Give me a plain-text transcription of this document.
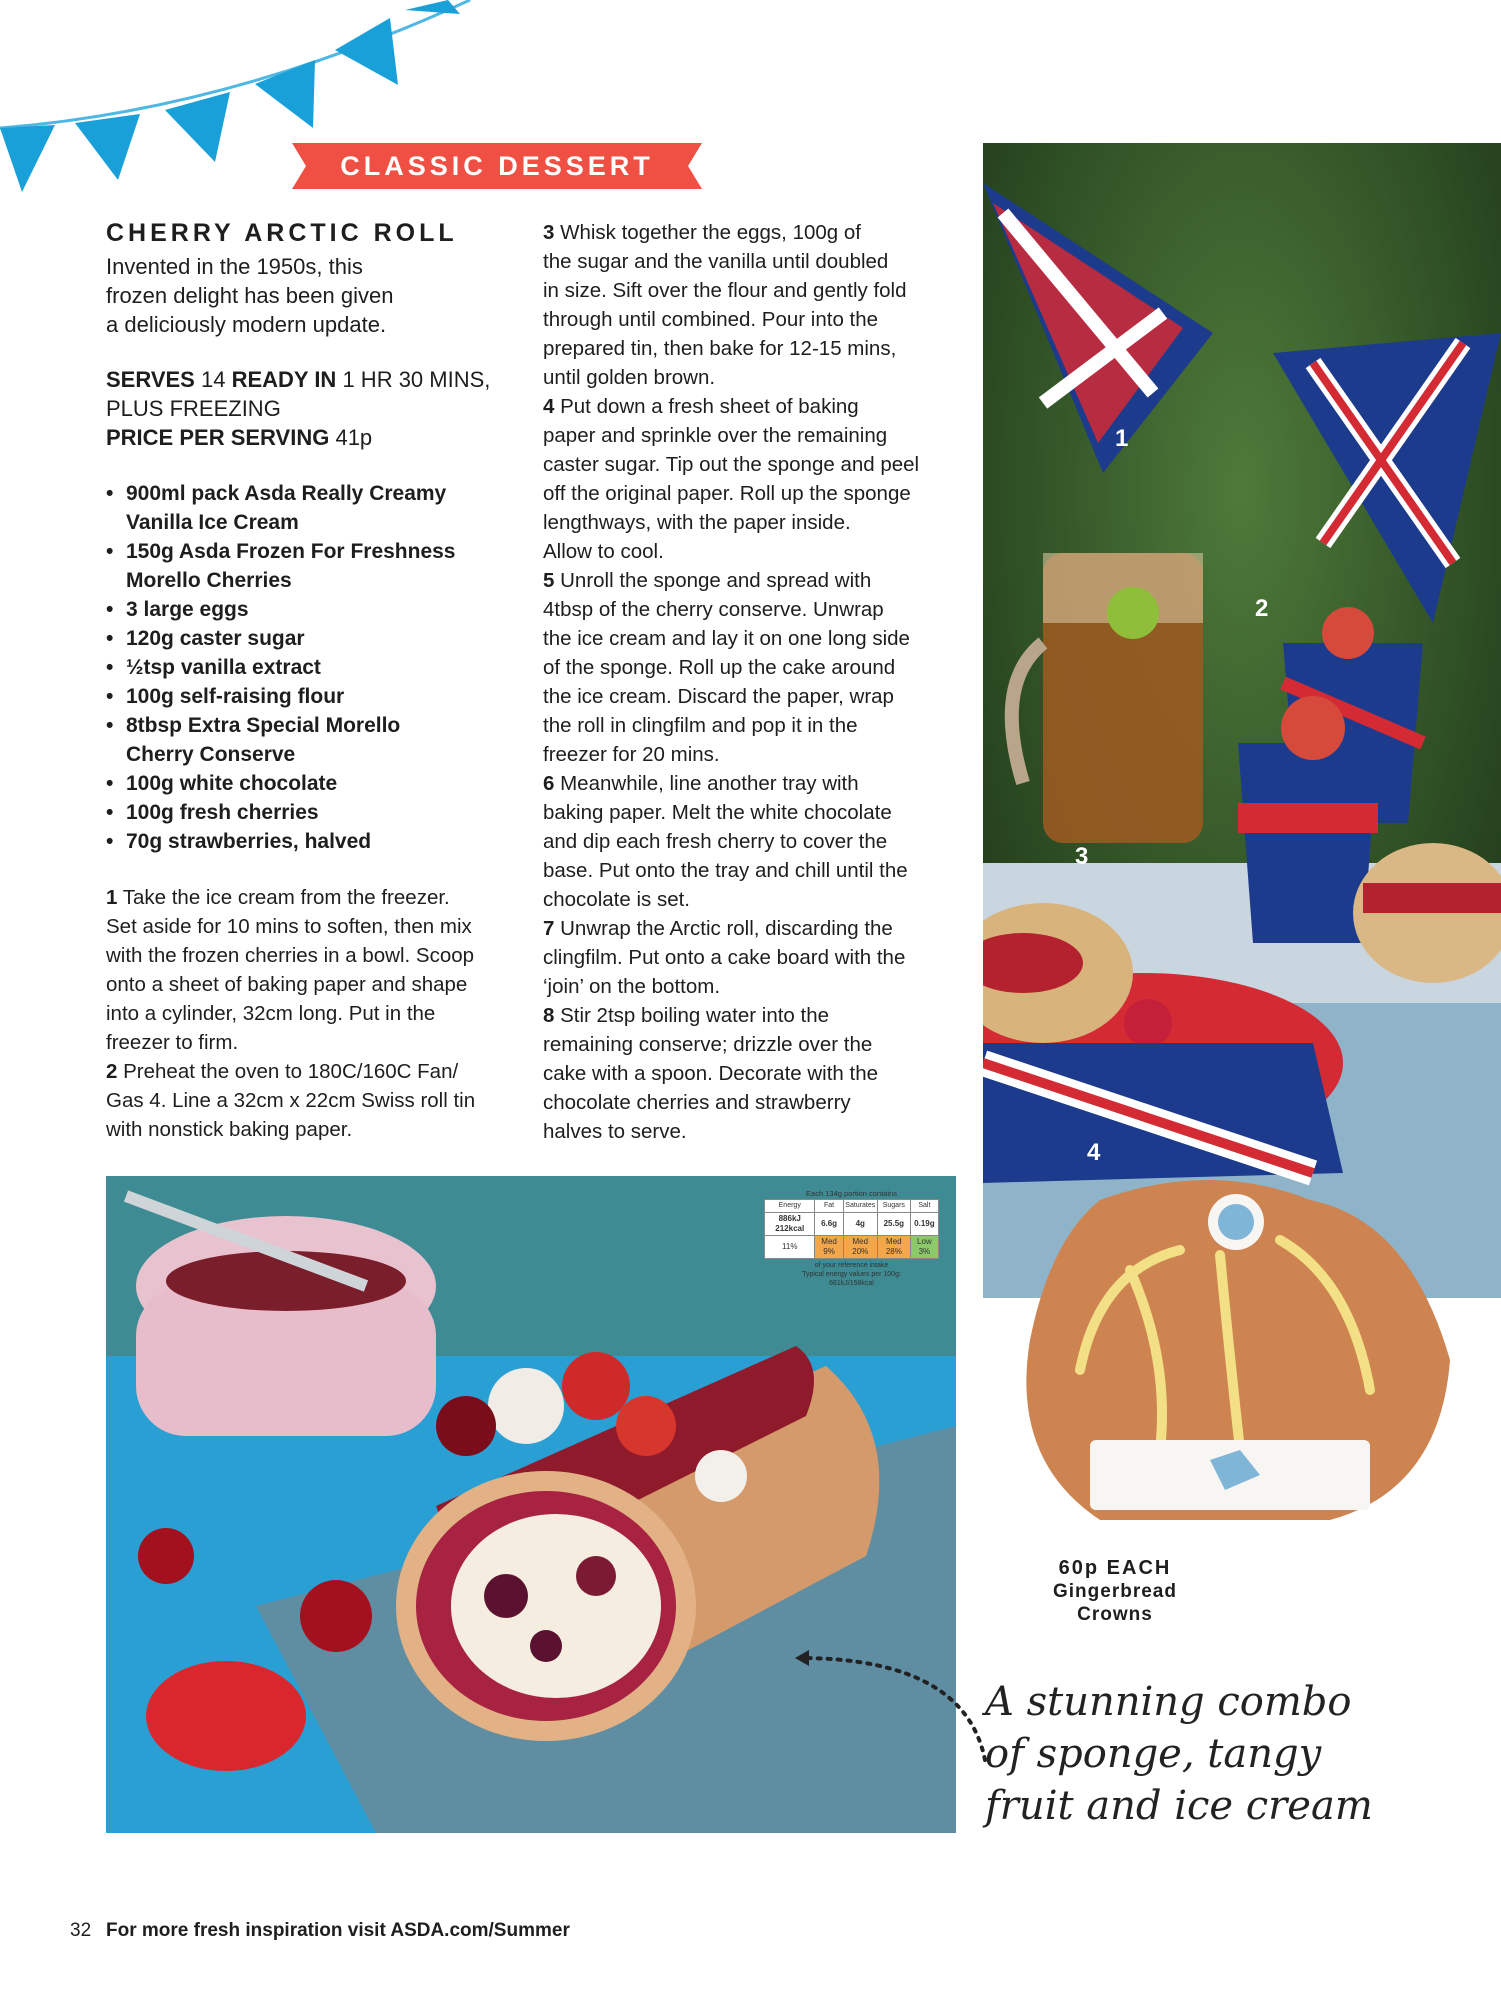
CLASSIC DESSERT
CHERRY ARCTIC ROLL

Invented in the 1950s, this
frozen delight has been given
a deliciously modern update.

SERVES 14 READY IN 1 HR 30 MINS,
PLUS FREEZING
PRICE PER SERVING 41p

• 900ml pack Asda Really Creamy
Vanilla Ice Cream
• 150g Asda Frozen For Freshness
Morello Cherries
• 3 large eggs
• 120g caster sugar
• ½tsp vanilla extract
• 100g self-raising flour
• 8tbsp Extra Special Morello
Cherry Conserve
• 100g white chocolate
• 100g fresh cherries
• 70g strawberries, halved

1 Take the ice cream from the freezer.
Set aside for 10 mins to soften, then mix
with the frozen cherries in a bowl. Scoop
onto a sheet of baking paper and shape
into a cylinder, 32cm long. Put in the
freezer to firm.

2 Preheat the oven to 180C/160C Fan/
Gas 4. Line a 32cm x 22cm Swiss roll tin
with nonstick baking paper.

3 Whisk together the eggs, 100g of
the sugar and the vanilla until doubled
in size. Sift over the flour and gently fold
through until combined. Pour into the
prepared tin, then bake for 12-15 mins,
until golden brown.

4 Put down a fresh sheet of baking
paper and sprinkle over the remaining
caster sugar. Tip out the sponge and peel
off the original paper. Roll up the sponge
lengthways, with the paper inside.
Allow to cool.

5 Unroll the sponge and spread with
4tbsp of the cherry conserve. Unwrap
the ice cream and lay it on one long side
of the sponge. Roll up the cake around
the ice cream. Discard the paper, wrap
the roll in clingfilm and pop it in the
freezer for 20 mins.

6 Meanwhile, line another tray with
baking paper. Melt the white chocolate
and dip each fresh cherry to cover the
base. Put onto the tray and chill until the
chocolate is set.

7 Unwrap the Arctic roll, discarding the
clingfilm. Put onto a cake board with the
‘join’ on the bottom.

8 Stir 2tsp boiling water into the
remaining conserve; drizzle over the
cake with a spoon. Decorate with the
chocolate cherries and strawberry
halves to serve.

1
2
3
4
Each 134g portion contains
Energy	Fat	Saturates	Sugars	Salt
886kJ 212kcal	6.6g	4g	25.5g	0.19g
11%	Med 9%	Med 20%	Med 28%	Low 3%
of your reference intake
Typical energy values per 100g:
661kJ/158kcal
60p EACH
Gingerbread
Crowns
A stunning combo
of sponge, tangy
fruit and ice cream
32 For more fresh inspiration visit ASDA.com/Summer
